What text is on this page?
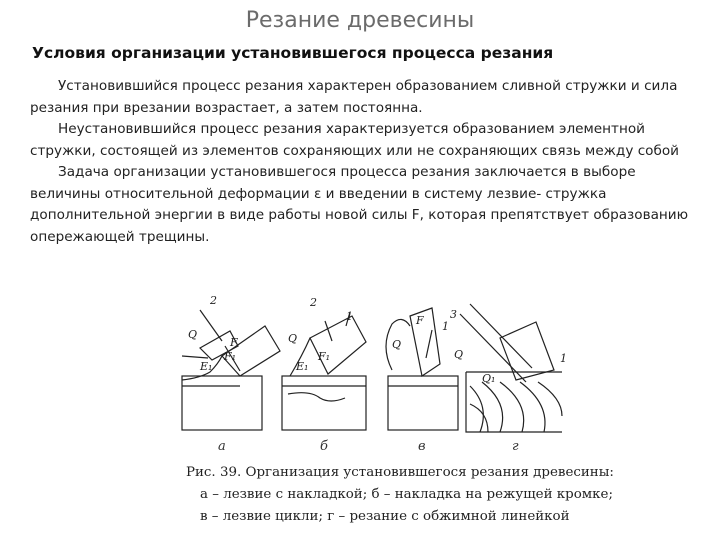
Резание древесины
Условия организации установившегося процесса резания

Установившийся процесс резания характерен образованием сливной стружки и сила резания при врезании возрастает, а затем постоянна.

Неустановившийся процесс резания характеризуется образованием элементной стружки, состоящей из элементов сохраняющих или не сохраняющих связь между собой

Задача организации установившегося процесса резания заключается в выборе величины относительной деформации ε и введении в систему лезвие- стружка дополнительной энергии в виде работы новой силы F, которая препятствует образованию опережающей трещины.

Q
2
F
F₁
E₁
2
1
Q
F₁
E₁
F
Q
1
3
Q
Q₁
1
а	б	в	г
Рис. 39. Организация установившегося резания древесины:
а – лезвие с накладкой; б – накладка на режущей кромке;
в – лезвие цикли; г – резание с обжимной линейкой
